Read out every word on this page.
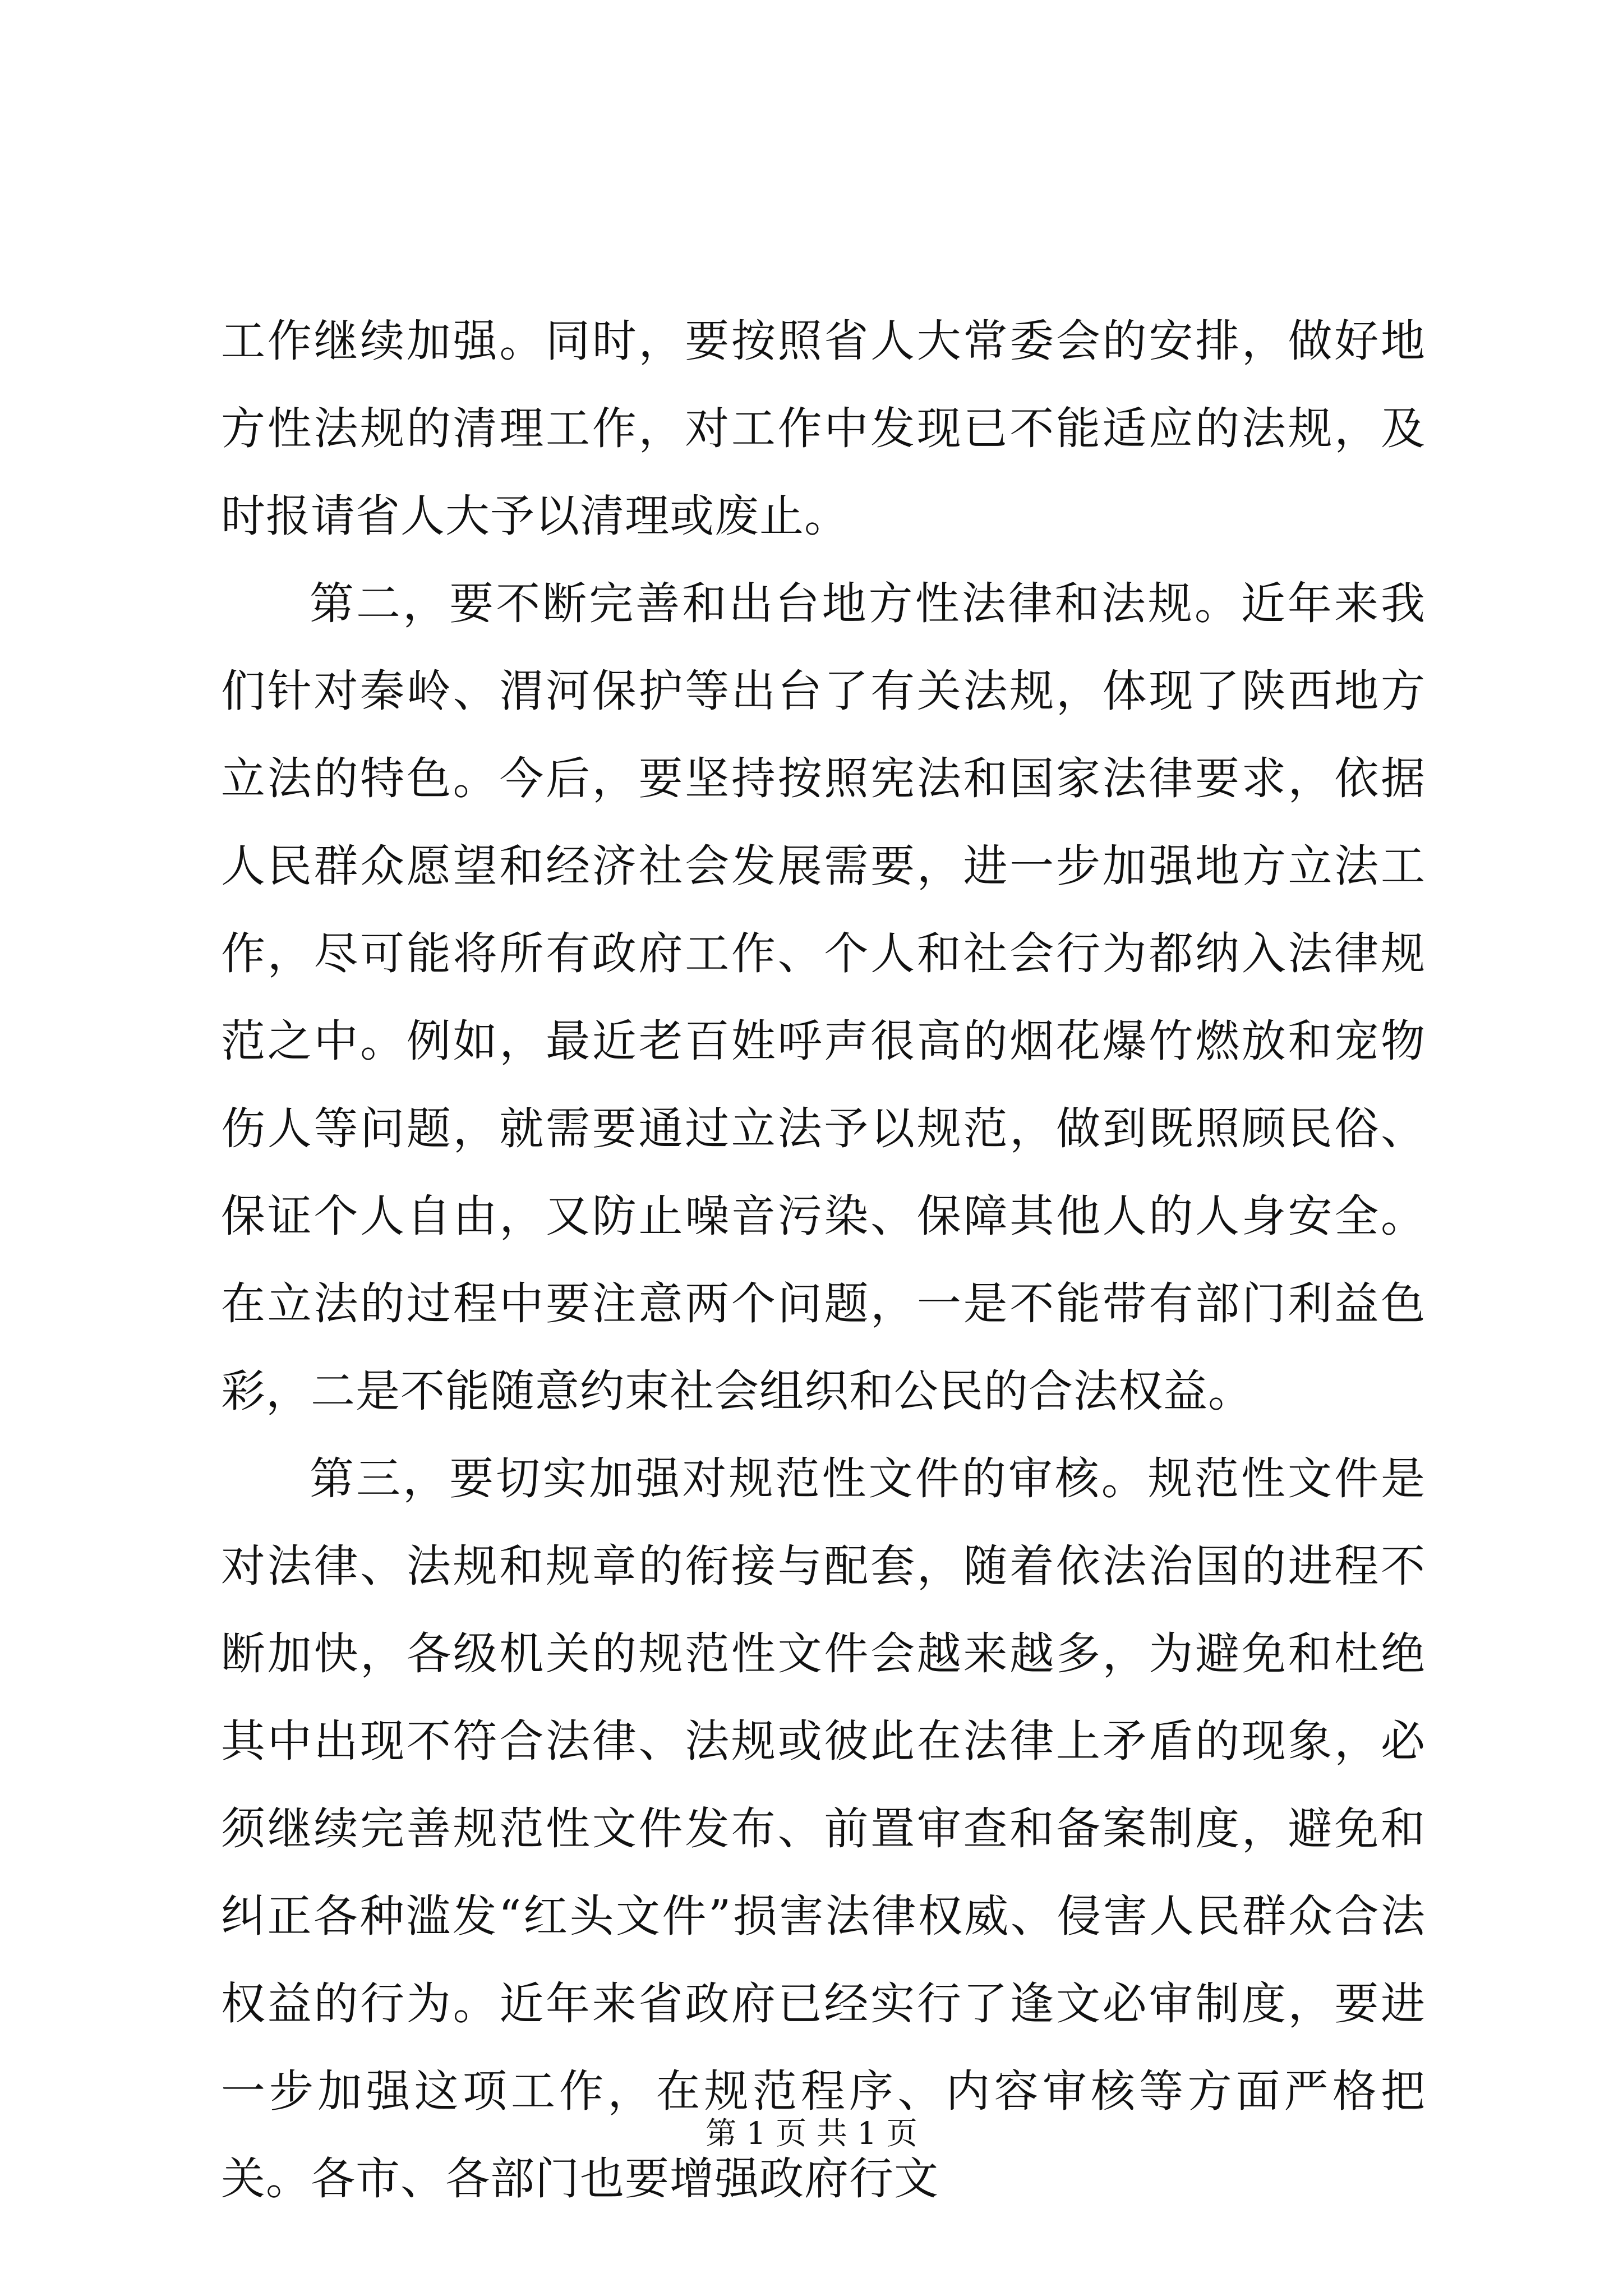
工作继续加强。同时，要按照省人大常委会的安排，做好地方性法规的清理工作，对工作中发现已不能适应的法规，及时报请省人大予以清理或废止。

第二，要不断完善和出台地方性法律和法规。近年来我们针对秦岭、渭河保护等出台了有关法规，体现了陕西地方立法的特色。今后，要坚持按照宪法和国家法律要求，依据人民群众愿望和经济社会发展需要，进一步加强地方立法工作，尽可能将所有政府工作、个人和社会行为都纳入法律规范之中。例如，最近老百姓呼声很高的烟花爆竹燃放和宠物伤人等问题，就需要通过立法予以规范，做到既照顾民俗、保证个人自由，又防止噪音污染、保障其他人的人身安全。在立法的过程中要注意两个问题，一是不能带有部门利益色彩，二是不能随意约束社会组织和公民的合法权益。

第三，要切实加强对规范性文件的审核。规范性文件是对法律、法规和规章的衔接与配套，随着依法治国的进程不断加快，各级机关的规范性文件会越来越多，为避免和杜绝其中出现不符合法律、法规或彼此在法律上矛盾的现象，必须继续完善规范性文件发布、前置审查和备案制度，避免和纠正各种滥发“红头文件”损害法律权威、侵害人民群众合法权益的行为。近年来省政府已经实行了逢文必审制度，要进一步加强这项工作，在规范程序、内容审核等方面严格把关。各市、各部门也要增强政府行文

第 1 页 共 1 页
